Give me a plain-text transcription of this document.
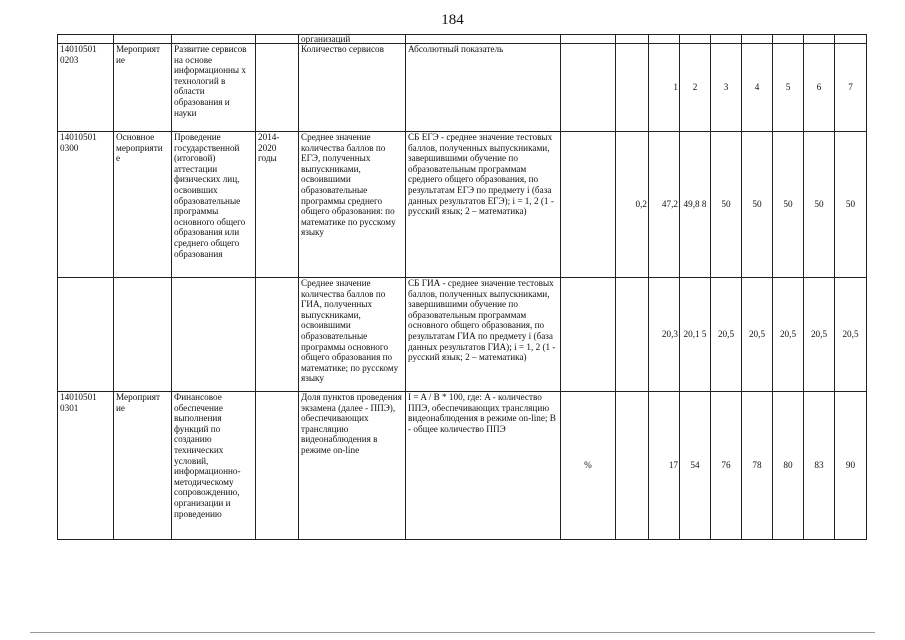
184
				организаций										
14010501 0203	Мероприят ие	Развитие сервисов на основе информационны х технологий в области образования и науки		Количество сервисов	Абсолютный показатель			1	2	3	4	5	6	7
14010501 0300	Основное мероприяти е	Проведение государственной (итоговой) аттестации физических лиц, освоивших образовательные программы основного общего образования или среднего общего образования	2014-2020 годы	Среднее значение количества баллов по ЕГЭ, полученных выпускниками, освоившими образовательные программы среднего общего образования: по математике по русскому языку	СБ ЕГЭ - среднее значение тестовых баллов, полученных выпускниками, завершившими обучение по образовательным программам среднего общего образования, по результатам ЕГЭ по предмету i (база данных результатов ЕГЭ); i = 1, 2 (1 - русский язык; 2 – математика)		0,2	47,2	49,8 8	50	50	50	50	50
				Среднее значение количества баллов по ГИА, полученных выпускниками, освоившими образовательные программы основного общего образования по математике; по русскому языку	СБ ГИА - среднее значение тестовых баллов, полученных выпускниками, завершившими обучение по образовательным программам основного общего образования, по результатам ГИА по предмету i (база данных результатов ГИА); i = 1, 2 (1 - русский язык; 2 – математика)			20,3	20,1 5	20,5	20,5	20,5	20,5	20,5
14010501 0301	Мероприят ие	Финансовое обеспечение выполнения функций по созданию технических условий, информационно-методическому сопровождению, организации и проведению		Доля пунктов проведения экзамена (далее - ППЭ), обеспечивающих трансляцию видеонаблюдения в режиме on-line	I = A / B * 100, где: A - количество ППЭ, обеспечивающих трансляцию видеонаблюдения в режиме on-line; B - общее количество ППЭ	%		17	54	76	78	80	83	90
